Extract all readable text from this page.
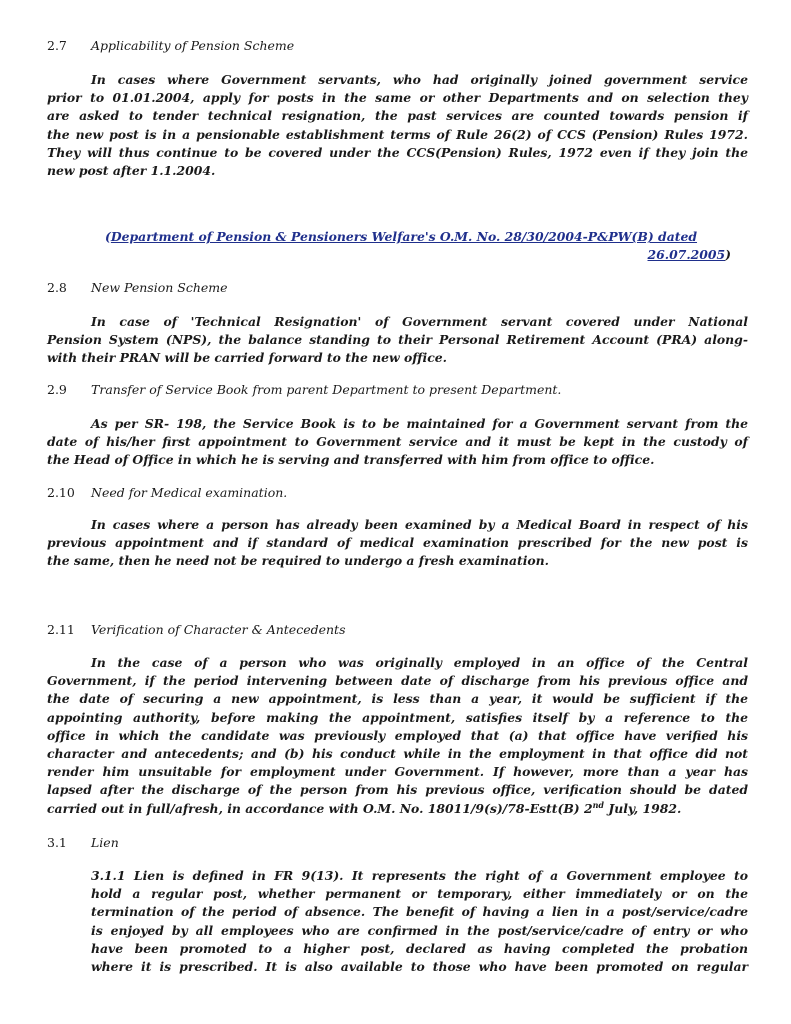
2.7 Applicability of Pension Scheme
In cases where Government servants, who had originally joined government service
prior to 01.01.2004, apply for posts in the same or other Departments and on selection they
are asked to tender technical resignation, the past services are counted towards pension if
the new post is in a pensionable establishment terms of Rule 26(2) of CCS (Pension) Rules 1972.
They will thus continue to be covered under the CCS(Pension) Rules, 1972 even if they join the
new post after 1.1.2004.
(Department of Pension & Pensioners Welfare's O.M. No. 28/30/2004-P&PW(B) dated
26.07.2005)
2.8 New Pension Scheme
In case of 'Technical Resignation' of Government servant covered under National
Pension System (NPS), the balance standing to their Personal Retirement Account (PRA) along-
with their PRAN will be carried forward to the new office.
2.9 Transfer of Service Book from parent Department to present Department.
As per SR- 198, the Service Book is to be maintained for a Government servant from the
date of his/her first appointment to Government service and it must be kept in the custody of
the Head of Office in which he is serving and transferred with him from office to office.
2.10 Need for Medical examination.
In cases where a person has already been examined by a Medical Board in respect of his
previous appointment and if standard of medical examination prescribed for the new post is
the same, then he need not be required to undergo a fresh examination.
2.11 Verification of Character & Antecedents
In the case of a person who was originally employed in an office of the Central
Government, if the period intervening between date of discharge from his previous office and
the date of securing a new appointment, is less than a year, it would be sufficient if the
appointing authority, before making the appointment, satisfies itself by a reference to the
office in which the candidate was previously employed that (a) that office have verified his
character and antecedents; and (b) his conduct while in the employment in that office did not
render him unsuitable for employment under Government. If however, more than a year has
lapsed after the discharge of the person from his previous office, verification should be dated
carried out in full/afresh, in accordance with O.M. No. 18011/9(s)/78-Estt(B) 2nd July, 1982.
3.1 Lien
3.1.1 Lien is defined in FR 9(13). It represents the right of a Government employee to
hold a regular post, whether permanent or temporary, either immediately or on the
termination of the period of absence. The benefit of having a lien in a post/service/cadre
is enjoyed by all employees who are confirmed in the post/service/cadre of entry or who
have been promoted to a higher post, declared as having completed the probation
where it is prescribed. It is also available to those who have been promoted on regular
